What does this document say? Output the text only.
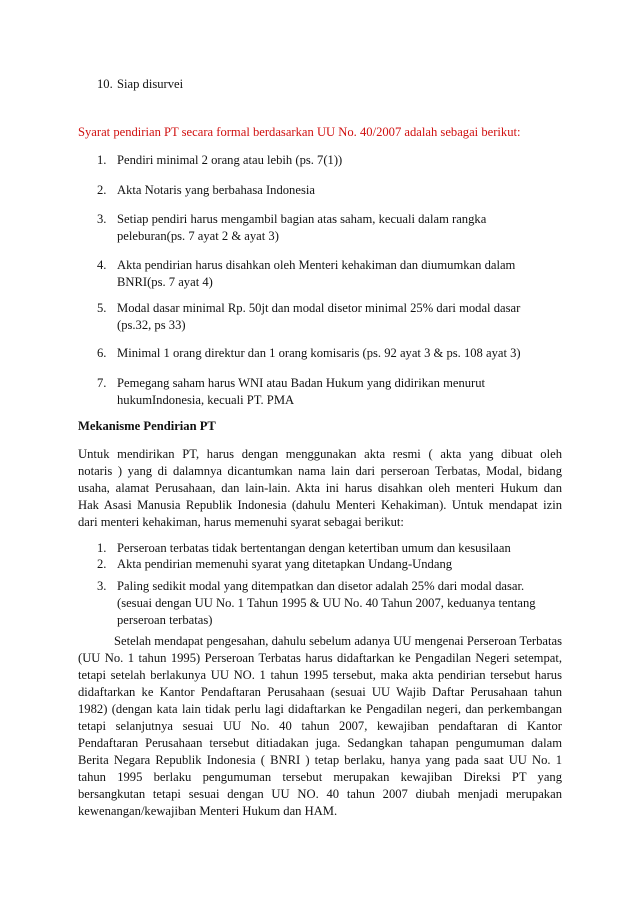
10. Siap disurvei
Syarat pendirian PT secara formal berdasarkan UU No. 40/2007 adalah sebagai berikut:
1. Pendiri minimal 2 orang atau lebih (ps. 7(1))
2. Akta Notaris yang berbahasa Indonesia
3. Setiap pendiri harus mengambil bagian atas saham, kecuali dalam rangka
peleburan(ps. 7 ayat 2 & ayat 3)
4. Akta pendirian harus disahkan oleh Menteri kehakiman dan diumumkan dalam
BNRI(ps. 7 ayat 4)
5. Modal dasar minimal Rp. 50jt dan modal disetor minimal 25% dari modal dasar
(ps.32, ps 33)
6. Minimal 1 orang direktur dan 1 orang komisaris (ps. 92 ayat 3 & ps. 108 ayat 3)
7. Pemegang saham harus WNI atau Badan Hukum yang didirikan menurut
hukumIndonesia, kecuali PT. PMA
Mekanisme Pendirian PT
Untuk mendirikan PT, harus dengan menggunakan akta resmi ( akta yang dibuat oleh
notaris ) yang di dalamnya dicantumkan nama lain dari perseroan Terbatas, Modal, bidang
usaha, alamat Perusahaan, dan lain-lain. Akta ini harus disahkan oleh menteri Hukum dan
Hak Asasi Manusia Republik Indonesia (dahulu Menteri Kehakiman). Untuk mendapat izin
dari menteri kehakiman, harus memenuhi syarat sebagai berikut:
1. Perseroan terbatas tidak bertentangan dengan ketertiban umum dan kesusilaan
2. Akta pendirian memenuhi syarat yang ditetapkan Undang-Undang
3. Paling sedikit modal yang ditempatkan dan disetor adalah 25% dari modal dasar.
(sesuai dengan UU No. 1 Tahun 1995 & UU No. 40 Tahun 2007, keduanya tentang
perseroan terbatas)
Setelah mendapat pengesahan, dahulu sebelum adanya UU mengenai Perseroan Terbatas
(UU No. 1 tahun 1995) Perseroan Terbatas harus didaftarkan ke Pengadilan Negeri setempat,
tetapi setelah berlakunya UU NO. 1 tahun 1995 tersebut, maka akta pendirian tersebut harus
didaftarkan ke Kantor Pendaftaran Perusahaan (sesuai UU Wajib Daftar Perusahaan tahun
1982) (dengan kata lain tidak perlu lagi didaftarkan ke Pengadilan negeri, dan perkembangan
tetapi selanjutnya sesuai UU No. 40 tahun 2007, kewajiban pendaftaran di Kantor
Pendaftaran Perusahaan tersebut ditiadakan juga. Sedangkan tahapan pengumuman dalam
Berita Negara Republik Indonesia ( BNRI ) tetap berlaku, hanya yang pada saat UU No. 1
tahun 1995 berlaku pengumuman tersebut merupakan kewajiban Direksi PT yang
bersangkutan tetapi sesuai dengan UU NO. 40 tahun 2007 diubah menjadi merupakan
kewenangan/kewajiban Menteri Hukum dan HAM.
